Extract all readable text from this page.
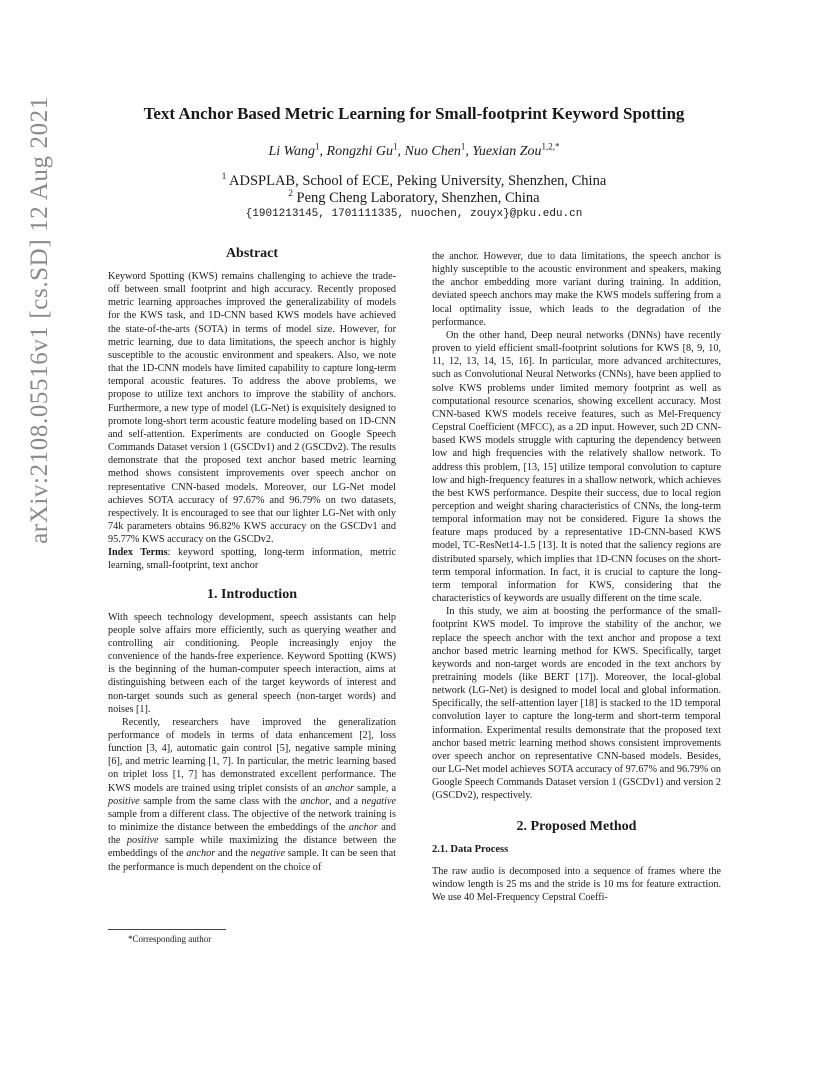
arXiv:2108.05516v1 [cs.SD] 12 Aug 2021	Text Anchor Based Metric Learning for Small-footprint Keyword Spotting
Li Wang$^1$, Rongzhi Gu$^1$, Nuo Chen$^1$, Yuexian Zou$^{1,2,*}$
$^1$ ADSPLAB, School of ECE, Peking University, Shenzhen, China
$^2$ Peng Cheng Laboratory, Shenzhen, China
{1901213145, 1701111335, nuochen, zouyx}@pku.edu.cn
Abstract

Keyword Spotting (KWS) remains challenging to achieve the trade-off between small footprint and high accuracy. Recently proposed metric learning approaches improved the generalizability of models for the KWS task, and 1D-CNN based KWS models have achieved the state-of-the-arts (SOTA) in terms of model size. However, for metric learning, due to data limitations, the speech anchor is highly susceptible to the acoustic environment and speakers. Also, we note that the 1D-CNN models have limited capability to capture long-term temporal acoustic features. To address the above problems, we propose to utilize text anchors to improve the stability of anchors. Furthermore, a new type of model (LG-Net) is exquisitely designed to promote long-short term acoustic feature modeling based on 1D-CNN and self-attention. Experiments are conducted on Google Speech Commands Dataset version 1 (GSCDv1) and 2 (GSCDv2). The results demonstrate that the proposed text anchor based metric learning method shows consistent improvements over speech anchor on representative CNN-based models. Moreover, our LG-Net model achieves SOTA accuracy of 97.67% and 96.79% on two datasets, respectively. It is encouraged to see that our lighter LG-Net with only 74k parameters obtains 96.82% KWS accuracy on the GSCDv1 and 95.77% KWS accuracy on the GSCDv2.

Index Terms: keyword spotting, long-term information, metric learning, small-footprint, text anchor

1. Introduction

With speech technology development, speech assistants can help people solve affairs more efficiently, such as querying weather and controlling air conditioning. People increasingly enjoy the convenience of the hands-free experience. Keyword Spotting (KWS) is the beginning of the human-computer speech interaction, aims at distinguishing between each of the target keywords of interest and non-target sounds such as general speech (non-target words) and noises [1].

Recently, researchers have improved the generalization performance of models in terms of data enhancement [2], loss function [3, 4], automatic gain control [5], negative sample mining [6], and metric learning [1, 7]. In particular, the metric learning based on triplet loss [1, 7] has demonstrated excellent performance. The KWS models are trained using triplet consists of an anchor sample, a positive sample from the same class with the anchor, and a negative sample from a different class. The objective of the network training is to minimize the distance between the embeddings of the anchor and the positive sample while maximizing the distance between the embeddings of the anchor and the negative sample. It can be seen that the performance is much dependent on the choice of

*Corresponding author

the anchor. However, due to data limitations, the speech anchor is highly susceptible to the acoustic environment and speakers, making the anchor embedding more variant during training. In addition, deviated speech anchors may make the KWS models suffering from a local optimality issue, which leads to the degradation of the performance.

On the other hand, Deep neural networks (DNNs) have recently proven to yield efficient small-footprint solutions for KWS [8, 9, 10, 11, 12, 13, 14, 15, 16]. In particular, more advanced architectures, such as Convolutional Neural Networks (CNNs), have been applied to solve KWS problems under limited memory footprint as well as computational resource scenarios, showing excellent accuracy. Most CNN-based KWS models receive features, such as Mel-Frequency Cepstral Coefficient (MFCC), as a 2D input. However, such 2D CNN-based KWS models struggle with capturing the dependency between low and high frequencies with the relatively shallow network. To address this problem, [13, 15] utilize temporal convolution to capture low and high-frequency features in a shallow network, which achieves the best KWS performance. Despite their success, due to local region perception and weight sharing characteristics of CNNs, the long-term temporal information may not be considered. Figure 1a shows the feature maps produced by a representative 1D-CNN-based KWS model, TC-ResNet14-1.5 [13]. It is noted that the saliency regions are distributed sparsely, which implies that 1D-CNN focuses on the short-term temporal information. In fact, it is crucial to capture the long-term temporal information for KWS, considering that the characteristics of keywords are usually different on the time scale.

In this study, we aim at boosting the performance of the small-footprint KWS model. To improve the stability of the anchor, we replace the speech anchor with the text anchor and propose a text anchor based metric learning method for KWS. Specifically, target keywords and non-target words are encoded in the text anchors by pretraining models (like BERT [17]). Moreover, the local-global network (LG-Net) is designed to model local and global information. Specifically, the self-attention layer [18] is stacked to the 1D temporal convolution layer to capture the long-term and short-term temporal information. Experimental results demonstrate that the proposed text anchor based metric learning method shows consistent improvements over speech anchor on representative CNN-based models. Besides, our LG-Net model achieves SOTA accuracy of 97.67% and 96.79% on Google Speech Commands Dataset version 1 (GSCDv1) and version 2 (GSCDv2), respectively.

2. Proposed Method
2.1. Data Process

The raw audio is decomposed into a sequence of frames where the window length is 25 ms and the stride is 10 ms for feature extraction. We use 40 Mel-Frequency Cepstral Coeffi-
